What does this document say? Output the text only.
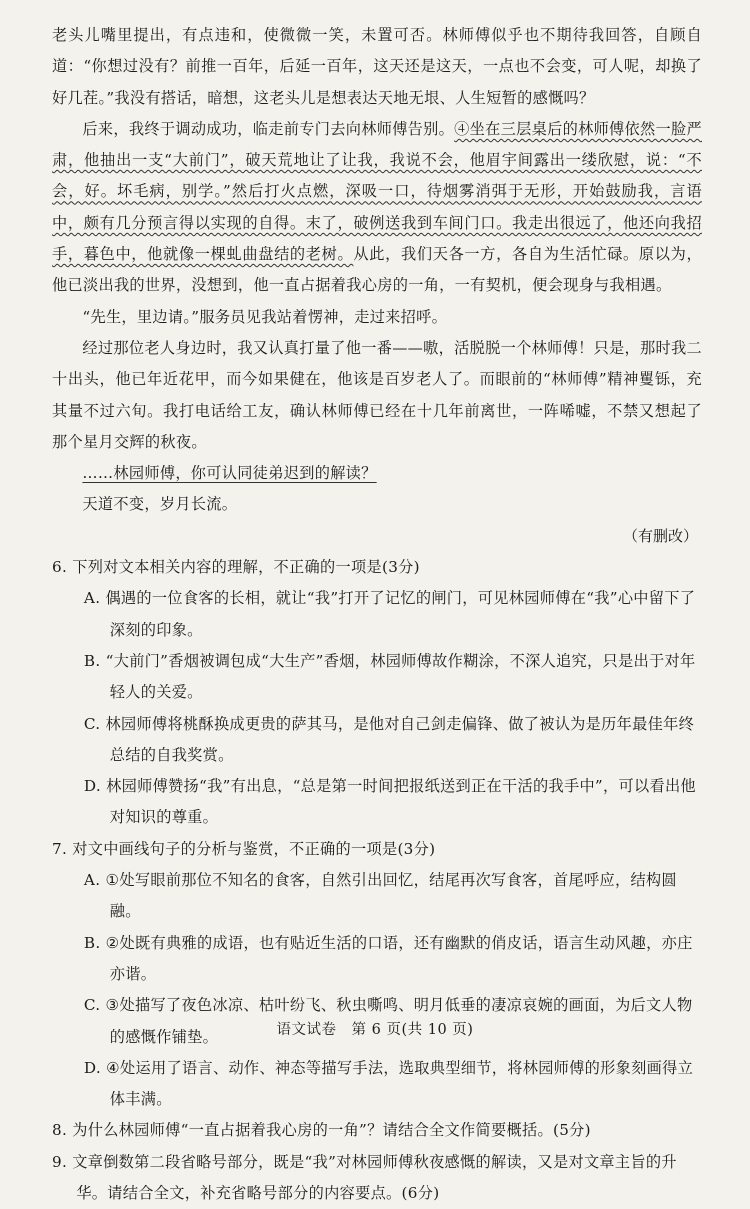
老头儿嘴里提出，有点违和，使微微一笑，未置可否。林师傅似乎也不期待我回答，自顾自道：“你想过没有？前推一百年，后延一百年，这天还是这天，一点也不会变，可人呢，却换了好几茬。”我没有搭话，暗想，这老头儿是想表达天地无垠、人生短暂的感慨吗？

后来，我终于调动成功，临走前专门去向林师傅告别。④坐在三层桌后的林师傅依然一脸严肃，他抽出一支“大前门”，破天荒地让了让我，我说不会，他眉宇间露出一缕欣慰，说：“不会，好。坏毛病，别学。”然后打火点燃，深吸一口，待烟雾消弭于无形，开始鼓励我，言语中，颇有几分预言得以实现的自得。末了，破例送我到车间门口。我走出很远了，他还向我招手，暮色中，他就像一棵虬曲盘结的老树。从此，我们天各一方，各自为生活忙碌。原以为，他已淡出我的世界，没想到，他一直占据着我心房的一角，一有契机，便会现身与我相遇。

“先生，里边请。”服务员见我站着愣神，走过来招呼。

经过那位老人身边时，我又认真打量了他一番——嗷，活脱脱一个林师傅！只是，那时我二十出头，他已年近花甲，而今如果健在，他该是百岁老人了。而眼前的“林师傅”精神矍铄，充其量不过六旬。我打电话给工友，确认林师傅已经在十几年前离世，一阵唏嘘，不禁又想起了那个星月交辉的秋夜。

……林园师傅，你可认同徒弟迟到的解读？

天道不变，岁月长流。

（有删改）

6. 下列对文本相关内容的理解，不正确的一项是(3分)

A. 偶遇的一位食客的长相，就让“我”打开了记忆的闸门，可见林园师傅在“我”心中留下了深刻的印象。

B. “大前门”香烟被调包成“大生产”香烟，林园师傅故作糊涂，不深人追究，只是出于对年轻人的关爱。

C. 林园师傅将桃酥换成更贵的萨其马，是他对自己剑走偏锋、做了被认为是历年最佳年终总结的自我奖赏。

D. 林园师傅赞扬“我”有出息，“总是第一时间把报纸送到正在干活的我手中”，可以看出他对知识的尊重。

7. 对文中画线句子的分析与鉴赏，不正确的一项是(3分)

A. ①处写眼前那位不知名的食客，自然引出回忆，结尾再次写食客，首尾呼应，结构圆融。

B. ②处既有典雅的成语，也有贴近生活的口语，还有幽默的俏皮话，语言生动风趣，亦庄亦谐。

C. ③处描写了夜色冰凉、枯叶纷飞、秋虫嘶鸣、明月低垂的凄凉哀婉的画面，为后文人物的感慨作铺垫。

D. ④处运用了语言、动作、神态等描写手法，选取典型细节，将林园师傅的形象刻画得立体丰满。

8. 为什么林园师傅“一直占据着我心房的一角”？请结合全文作简要概括。(5分)

9. 文章倒数第二段省略号部分，既是“我”对林园师傅秋夜感慨的解读，又是对文章主旨的升华。请结合全文，补充省略号部分的内容要点。(6分)

语文试卷　第 6 页(共 10 页)
